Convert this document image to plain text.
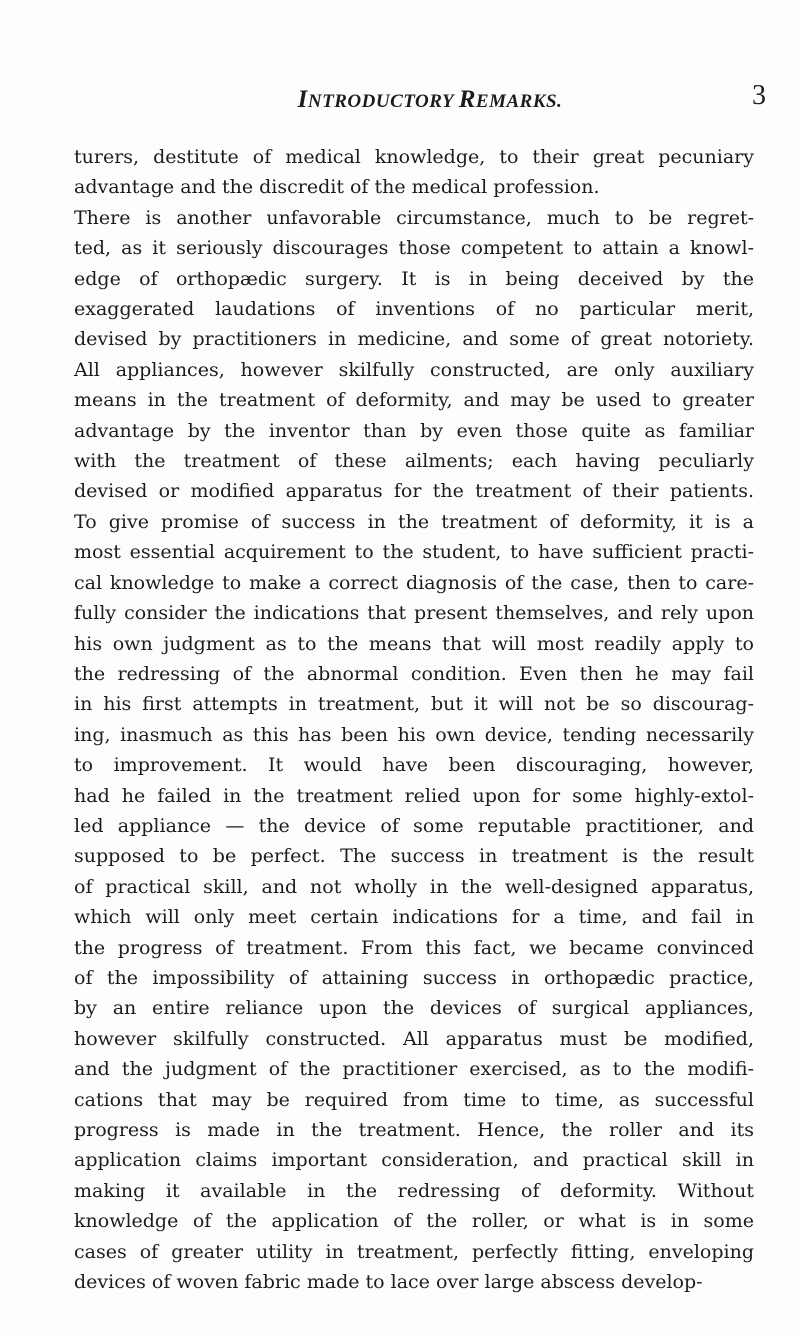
INTRODUCTORY REMARKS.	3
turers, destitute of medical knowledge, to their great pecuniary
advantage and the discredit of the medical profession.
There is another unfavorable circumstance, much to be regret-
ted, as it seriously discourages those competent to attain a knowl-
edge of orthopædic surgery. It is in being deceived by the
exaggerated laudations of inventions of no particular merit,
devised by practitioners in medicine, and some of great notoriety.
All appliances, however skilfully constructed, are only auxiliary
means in the treatment of deformity, and may be used to greater
advantage by the inventor than by even those quite as familiar
with the treatment of these ailments; each having peculiarly
devised or modified apparatus for the treatment of their patients.
To give promise of success in the treatment of deformity, it is a
most essential acquirement to the student, to have sufficient practi-
cal knowledge to make a correct diagnosis of the case, then to care-
fully consider the indications that present themselves, and rely upon
his own judgment as to the means that will most readily apply to
the redressing of the abnormal condition. Even then he may fail
in his first attempts in treatment, but it will not be so discourag-
ing, inasmuch as this has been his own device, tending necessarily
to improvement. It would have been discouraging, however,
had he failed in the treatment relied upon for some highly-extol-
led appliance — the device of some reputable practitioner, and
supposed to be perfect. The success in treatment is the result
of practical skill, and not wholly in the well-designed apparatus,
which will only meet certain indications for a time, and fail in
the progress of treatment. From this fact, we became convinced
of the impossibility of attaining success in orthopædic practice,
by an entire reliance upon the devices of surgical appliances,
however skilfully constructed. All apparatus must be modified,
and the judgment of the practitioner exercised, as to the modifi-
cations that may be required from time to time, as successful
progress is made in the treatment. Hence, the roller and its
application claims important consideration, and practical skill in
making it available in the redressing of deformity. Without
knowledge of the application of the roller, or what is in some
cases of greater utility in treatment, perfectly fitting, enveloping
devices of woven fabric made to lace over large abscess develop-
